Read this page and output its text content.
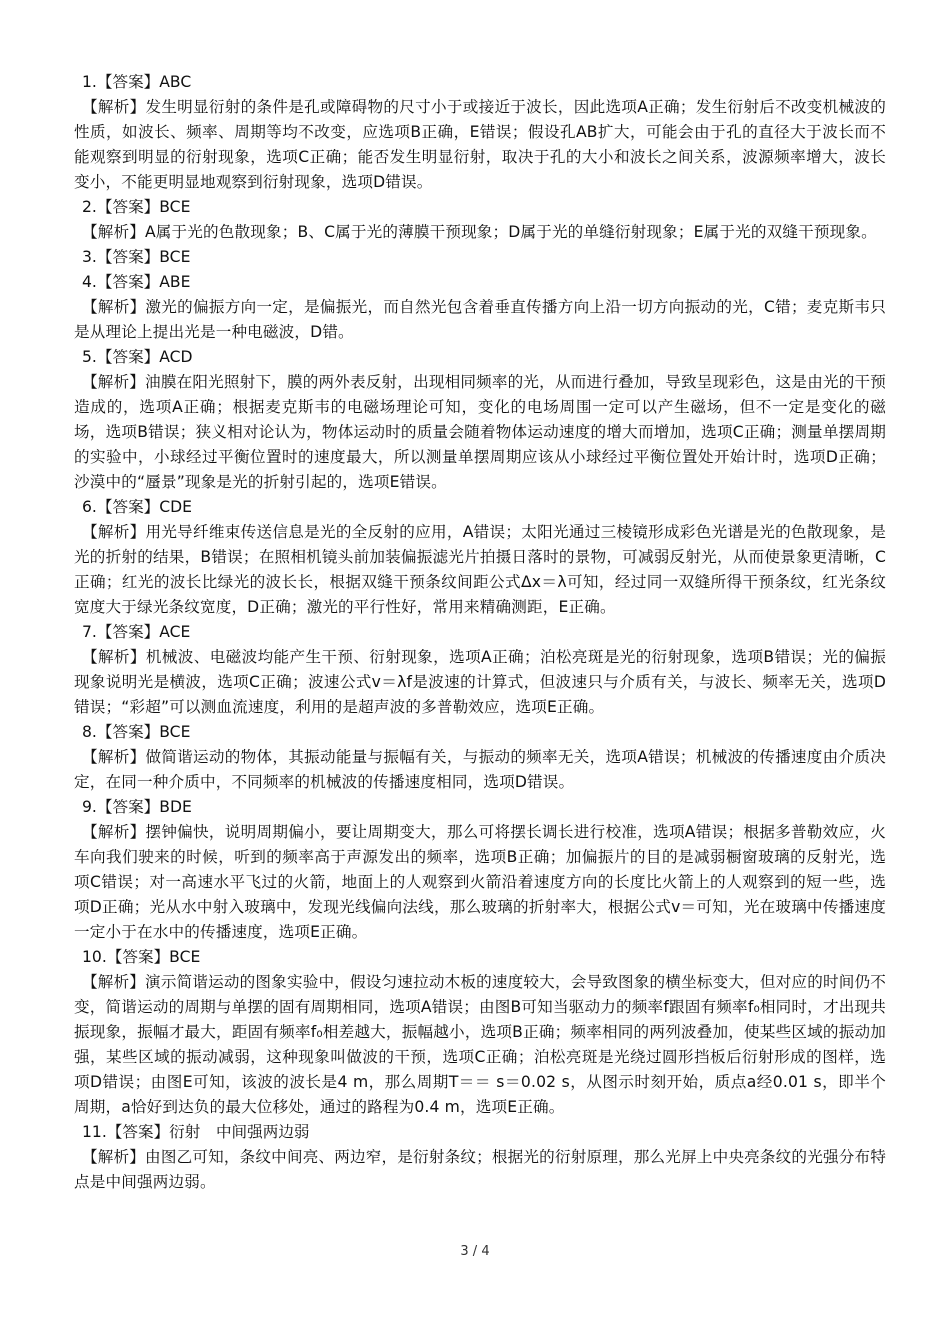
1.【答案】ABC

【解析】发生明显衍射的条件是孔或障碍物的尺寸小于或接近于波长，因此选项A正确；发生衍射后不改变机械波的性质，如波长、频率、周期等均不改变，应选项B正确，E错误；假设孔AB扩大，可能会由于孔的直径大于波长而不能观察到明显的衍射现象，选项C正确；能否发生明显衍射，取决于孔的大小和波长之间关系，波源频率增大，波长变小，不能更明显地观察到衍射现象，选项D错误。

2.【答案】BCE

【解析】A属于光的色散现象；B、C属于光的薄膜干预现象；D属于光的单缝衍射现象；E属于光的双缝干预现象。

3.【答案】BCE

4.【答案】ABE

【解析】激光的偏振方向一定，是偏振光，而自然光包含着垂直传播方向上沿一切方向振动的光，C错；麦克斯韦只是从理论上提出光是一种电磁波，D错。

5.【答案】ACD

【解析】油膜在阳光照射下，膜的两外表反射，出现相同频率的光，从而进行叠加，导致呈现彩色，这是由光的干预造成的，选项A正确；根据麦克斯韦的电磁场理论可知，变化的电场周围一定可以产生磁场，但不一定是变化的磁场，选项B错误；狭义相对论认为，物体运动时的质量会随着物体运动速度的增大而增加，选项C正确；测量单摆周期的实验中，小球经过平衡位置时的速度最大，所以测量单摆周期应该从小球经过平衡位置处开始计时，选项D正确；沙漠中的“蜃景”现象是光的折射引起的，选项E错误。

6.【答案】CDE

【解析】用光导纤维束传送信息是光的全反射的应用，A错误；太阳光通过三棱镜形成彩色光谱是光的色散现象，是光的折射的结果，B错误；在照相机镜头前加装偏振滤光片拍摄日落时的景物，可减弱反射光，从而使景象更清晰，C正确；红光的波长比绿光的波长长，根据双缝干预条纹间距公式Δx＝λ可知，经过同一双缝所得干预条纹，红光条纹宽度大于绿光条纹宽度，D正确；激光的平行性好，常用来精确测距，E正确。

7.【答案】ACE

【解析】机械波、电磁波均能产生干预、衍射现象，选项A正确；泊松亮斑是光的衍射现象，选项B错误；光的偏振现象说明光是横波，选项C正确；波速公式v＝λf是波速的计算式，但波速只与介质有关，与波长、频率无关，选项D错误；“彩超”可以测血流速度，利用的是超声波的多普勒效应，选项E正确。

8.【答案】BCE

【解析】做简谐运动的物体，其振动能量与振幅有关，与振动的频率无关，选项A错误；机械波的传播速度由介质决定，在同一种介质中，不同频率的机械波的传播速度相同，选项D错误。

9.【答案】BDE

【解析】摆钟偏快，说明周期偏小，要让周期变大，那么可将摆长调长进行校准，选项A错误；根据多普勒效应，火车向我们驶来的时候，听到的频率高于声源发出的频率，选项B正确；加偏振片的目的是减弱橱窗玻璃的反射光，选项C错误；对一高速水平飞过的火箭，地面上的人观察到火箭沿着速度方向的长度比火箭上的人观察到的短一些，选项D正确；光从水中射入玻璃中，发现光线偏向法线，那么玻璃的折射率大，根据公式v＝可知，光在玻璃中传播速度一定小于在水中的传播速度，选项E正确。

10.【答案】BCE

【解析】演示简谐运动的图象实验中，假设匀速拉动木板的速度较大，会导致图象的横坐标变大，但对应的时间仍不变，简谐运动的周期与单摆的固有周期相同，选项A错误；由图B可知当驱动力的频率f跟固有频率f₀相同时，才出现共振现象，振幅才最大，距固有频率f₀相差越大，振幅越小，选项B正确；频率相同的两列波叠加，使某些区域的振动加强，某些区域的振动减弱，这种现象叫做波的干预，选项C正确；泊松亮斑是光绕过圆形挡板后衍射形成的图样，选项D错误；由图E可知，该波的波长是4 m，那么周期T＝＝ s＝0.02 s，从图示时刻开始，质点a经0.01 s，即半个周期，a恰好到达负的最大位移处，通过的路程为0.4 m，选项E正确。

11.【答案】衍射　中间强两边弱

【解析】由图乙可知，条纹中间亮、两边窄，是衍射条纹；根据光的衍射原理，那么光屏上中央亮条纹的光强分布特点是中间强两边弱。

3 / 4
